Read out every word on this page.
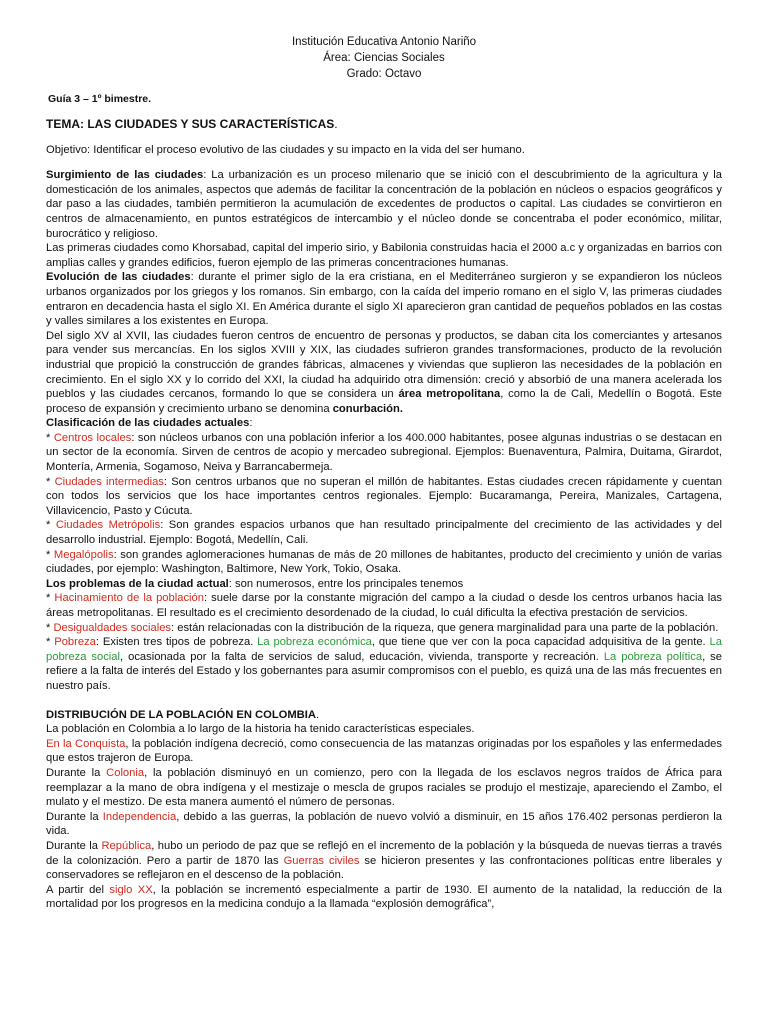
Institución Educativa Antonio Nariño
Área: Ciencias Sociales
Grado: Octavo
Guía 3 – 1º bimestre.

TEMA: LAS CIUDADES Y SUS CARACTERÍSTICAS.

Objetivo: Identificar el proceso evolutivo de las ciudades y su impacto en la vida del ser humano.

Surgimiento de las ciudades: La urbanización es un proceso milenario que se inició con el descubrimiento de la agricultura y la domesticación de los animales, aspectos que además de facilitar la concentración de la población en núcleos o espacios geográficos y dar paso a las ciudades, también permitieron la acumulación de excedentes de productos o capital. Las ciudades se convirtieron en centros de almacenamiento, en puntos estratégicos de intercambio y el núcleo donde se concentraba el poder económico, militar, burocrático y religioso.

Las primeras ciudades como Khorsabad, capital del imperio sirio, y Babilonia construidas hacia el 2000 a.c y organizadas en barrios con amplias calles y grandes edificios, fueron ejemplo de las primeras concentraciones humanas.

Evolución de las ciudades: durante el primer siglo de la era cristiana, en el Mediterráneo surgieron y se expandieron los núcleos urbanos organizados por los griegos y los romanos. Sin embargo, con la caída del imperio romano en el siglo V, las primeras ciudades entraron en decadencia hasta el siglo XI. En América durante el siglo XI aparecieron gran cantidad de pequeños poblados en las costas y valles similares a los existentes en Europa.

Del siglo XV al XVII, las ciudades fueron centros de encuentro de personas y productos, se daban cita los comerciantes y artesanos para vender sus mercancías. En los siglos XVIII y XIX, las ciudades sufrieron grandes transformaciones, producto de la revolución industrial que propició la construcción de grandes fábricas, almacenes y viviendas que suplieron las necesidades de la población en crecimiento. En el siglo XX y lo corrido del XXI, la ciudad ha adquirido otra dimensión: creció y absorbió de una manera acelerada los pueblos y las ciudades cercanos, formando lo que se considera un área metropolitana, como la de Cali, Medellín o Bogotá. Este proceso de expansión y crecimiento urbano se denomina conurbación.

Clasificación de las ciudades actuales:

* Centros locales: son núcleos urbanos con una población inferior a los 400.000 habitantes, posee algunas industrias o se destacan en un sector de la economía. Sirven de centros de acopio y mercadeo subregional. Ejemplos: Buenaventura, Palmira, Duitama, Girardot, Montería, Armenia, Sogamoso, Neiva y Barrancabermeja.

* Ciudades intermedias: Son centros urbanos que no superan el millón de habitantes. Estas ciudades crecen rápidamente y cuentan con todos los servicios que los hace importantes centros regionales. Ejemplo: Bucaramanga, Pereira, Manizales, Cartagena, Villavicencio, Pasto y Cúcuta.

* Ciudades Metrópolis: Son grandes espacios urbanos que han resultado principalmente del crecimiento de las actividades y del desarrollo industrial. Ejemplo: Bogotá, Medellín, Cali.

* Megalópolis: son grandes aglomeraciones humanas de más de 20 millones de habitantes, producto del crecimiento y unión de varias ciudades, por ejemplo: Washington, Baltimore, New York, Tokio, Osaka.

Los problemas de la ciudad actual: son numerosos, entre los principales tenemos

* Hacinamiento de la población: suele darse por la constante migración del campo a la ciudad o desde los centros urbanos hacia las áreas metropolitanas. El resultado es el crecimiento desordenado de la ciudad, lo cuál dificulta la efectiva prestación de servicios.

* Desigualdades sociales: están relacionadas con la distribución de la riqueza, que genera marginalidad para una parte de la población.

* Pobreza: Existen tres tipos de pobreza. La pobreza económica, que tiene que ver con la poca capacidad adquisitiva de la gente. La pobreza social, ocasionada por la falta de servicios de salud, educación, vivienda, transporte y recreación. La pobreza política, se refiere a la falta de interés del Estado y los gobernantes para asumir compromisos con el pueblo, es quizá una de las más frecuentes en nuestro país.

DISTRIBUCIÓN DE LA POBLACIÓN EN COLOMBIA.

La población en Colombia a lo largo de la historia ha tenido características especiales.

En la Conquista, la población indígena decreció, como consecuencia de las matanzas originadas por los españoles y las enfermedades que estos trajeron de Europa.

Durante la Colonia, la población disminuyó en un comienzo, pero con la llegada de los esclavos negros traídos de África para reemplazar a la mano de obra indígena y el mestizaje o mescla de grupos raciales se produjo el mestizaje, apareciendo el Zambo, el mulato y el mestizo. De esta manera aumentó el número de personas.

Durante la Independencia, debido a las guerras, la población de nuevo volvió a disminuir, en 15 años 176.402 personas perdieron la vida.

Durante la República, hubo un periodo de paz que se reflejó en el incremento de la población y la búsqueda de nuevas tierras a través de la colonización. Pero a partir de 1870 las Guerras civiles se hicieron presentes y las confrontaciones políticas entre liberales y conservadores se reflejaron en el descenso de la población.

A partir del siglo XX, la población se incrementó especialmente a partir de 1930. El aumento de la natalidad, la reducción de la mortalidad por los progresos en la medicina condujo a la llamada “explosión demográfica”,
